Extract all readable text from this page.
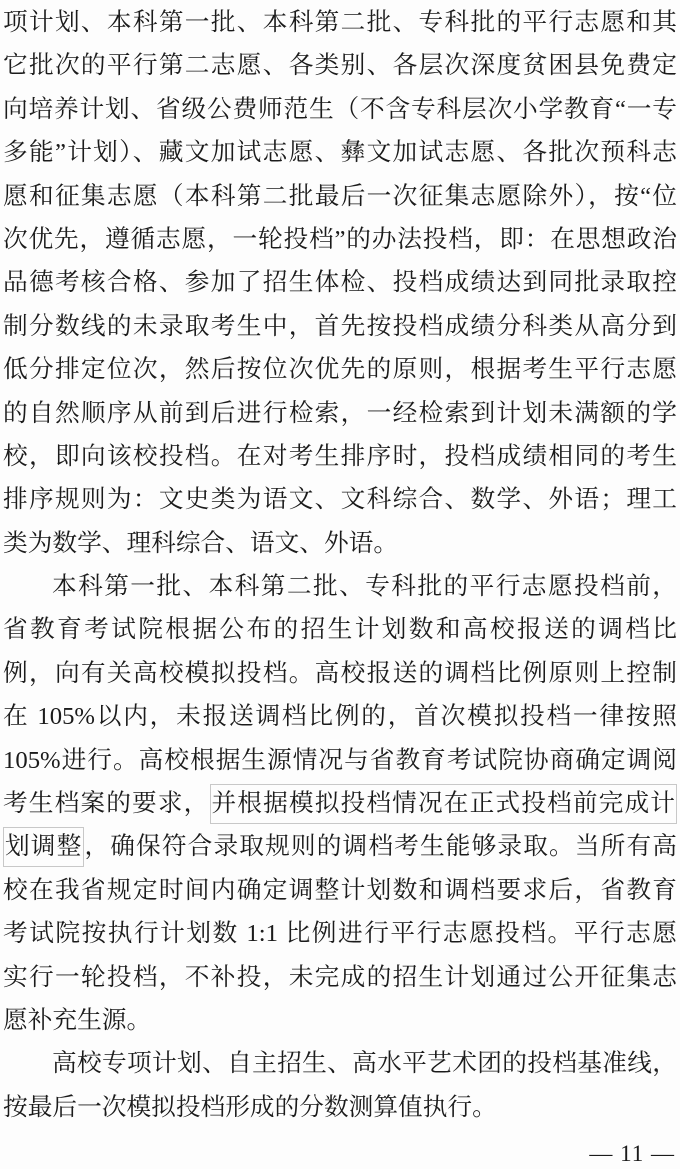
项计划、本科第一批、本科第二批、专科批的平行志愿和其
它批次的平行第二志愿、各类别、各层次深度贫困县免费定
向培养计划、省级公费师范生（不含专科层次小学教育“一专
多能”计划）、藏文加试志愿、彝文加试志愿、各批次预科志
愿和征集志愿（本科第二批最后一次征集志愿除外），按“位
次优先，遵循志愿，一轮投档”的办法投档，即：在思想政治
品德考核合格、参加了招生体检、投档成绩达到同批录取控
制分数线的未录取考生中，首先按投档成绩分科类从高分到
低分排定位次，然后按位次优先的原则，根据考生平行志愿
的自然顺序从前到后进行检索，一经检索到计划未满额的学
校，即向该校投档。在对考生排序时，投档成绩相同的考生
排序规则为：文史类为语文、文科综合、数学、外语；理工
类为数学、理科综合、语文、外语。
本科第一批、本科第二批、专科批的平行志愿投档前，
省教育考试院根据公布的招生计划数和高校报送的调档比
例，向有关高校模拟投档。高校报送的调档比例原则上控制
在 105%以内，未报送调档比例的，首次模拟投档一律按照
105%进行。高校根据生源情况与省教育考试院协商确定调阅
考生档案的要求，并根据模拟投档情况在正式投档前完成计
划调整，确保符合录取规则的调档考生能够录取。当所有高
校在我省规定时间内确定调整计划数和调档要求后，省教育
考试院按执行计划数 1:1 比例进行平行志愿投档。平行志愿
实行一轮投档，不补投，未完成的招生计划通过公开征集志
愿补充生源。
高校专项计划、自主招生、高水平艺术团的投档基准线，
按最后一次模拟投档形成的分数测算值执行。
— 11 —
